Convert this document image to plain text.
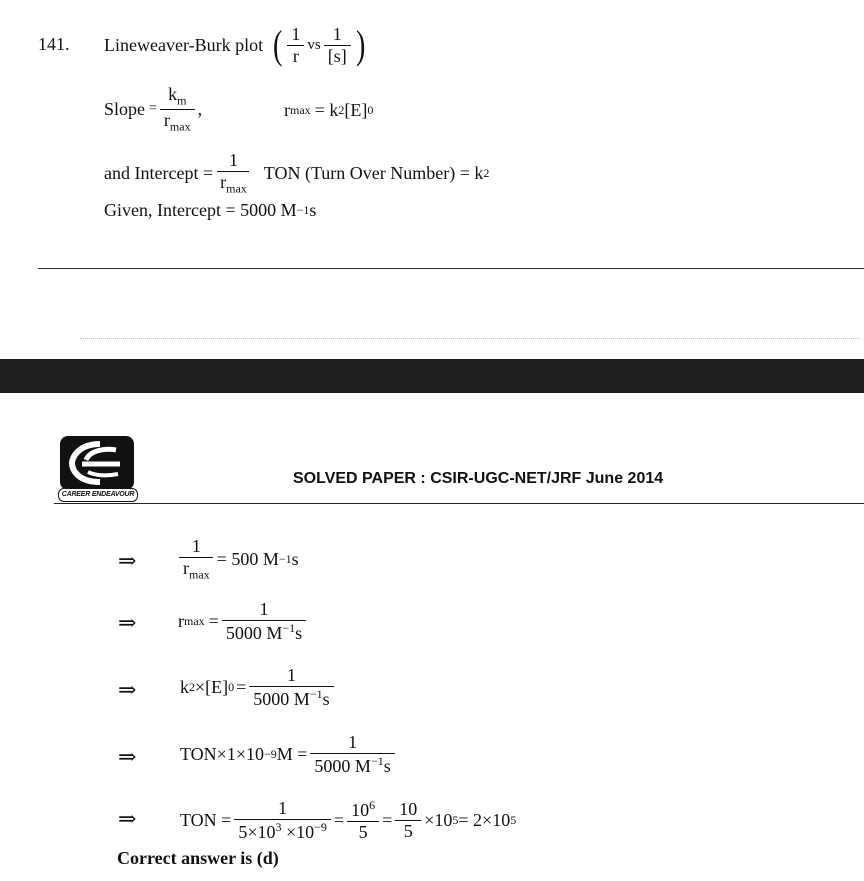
141. Lineweaver-Burk plot ( $\frac{1}{r}$ vs $\frac{1}{[s]}$ )
Slope = $\frac{k_m}{r_{max}}$ ,	r max = k 2 [E] 0
and Intercept = $\frac{1}{r_{max}}$ TON (Turn Over Number) = k 2
Given, Intercept = 5000 M −1 s
CAREER ENDEAVOUR
SOLVED PAPER : CSIR-UGC-NET/JRF June 2014
⇒ $\frac{1}{r_{max}} = 500$ M −1 s
⇒ r $\max = \frac{1}{5000 M^{-1}s}$
⇒ k 2 × [E] $0 = \frac{1}{5000 M^{-1}s}$
⇒ TON×1×10 −9 $M = \frac{1}{5000 M^{-1}s}$
⇒ TON = $\frac{1}{5\times 10^3 \times 10^{-9}} = \frac{10^6}{5} = \frac{10}{5} \times 10$ 5 = 2×10 5
Correct answer is (d)
